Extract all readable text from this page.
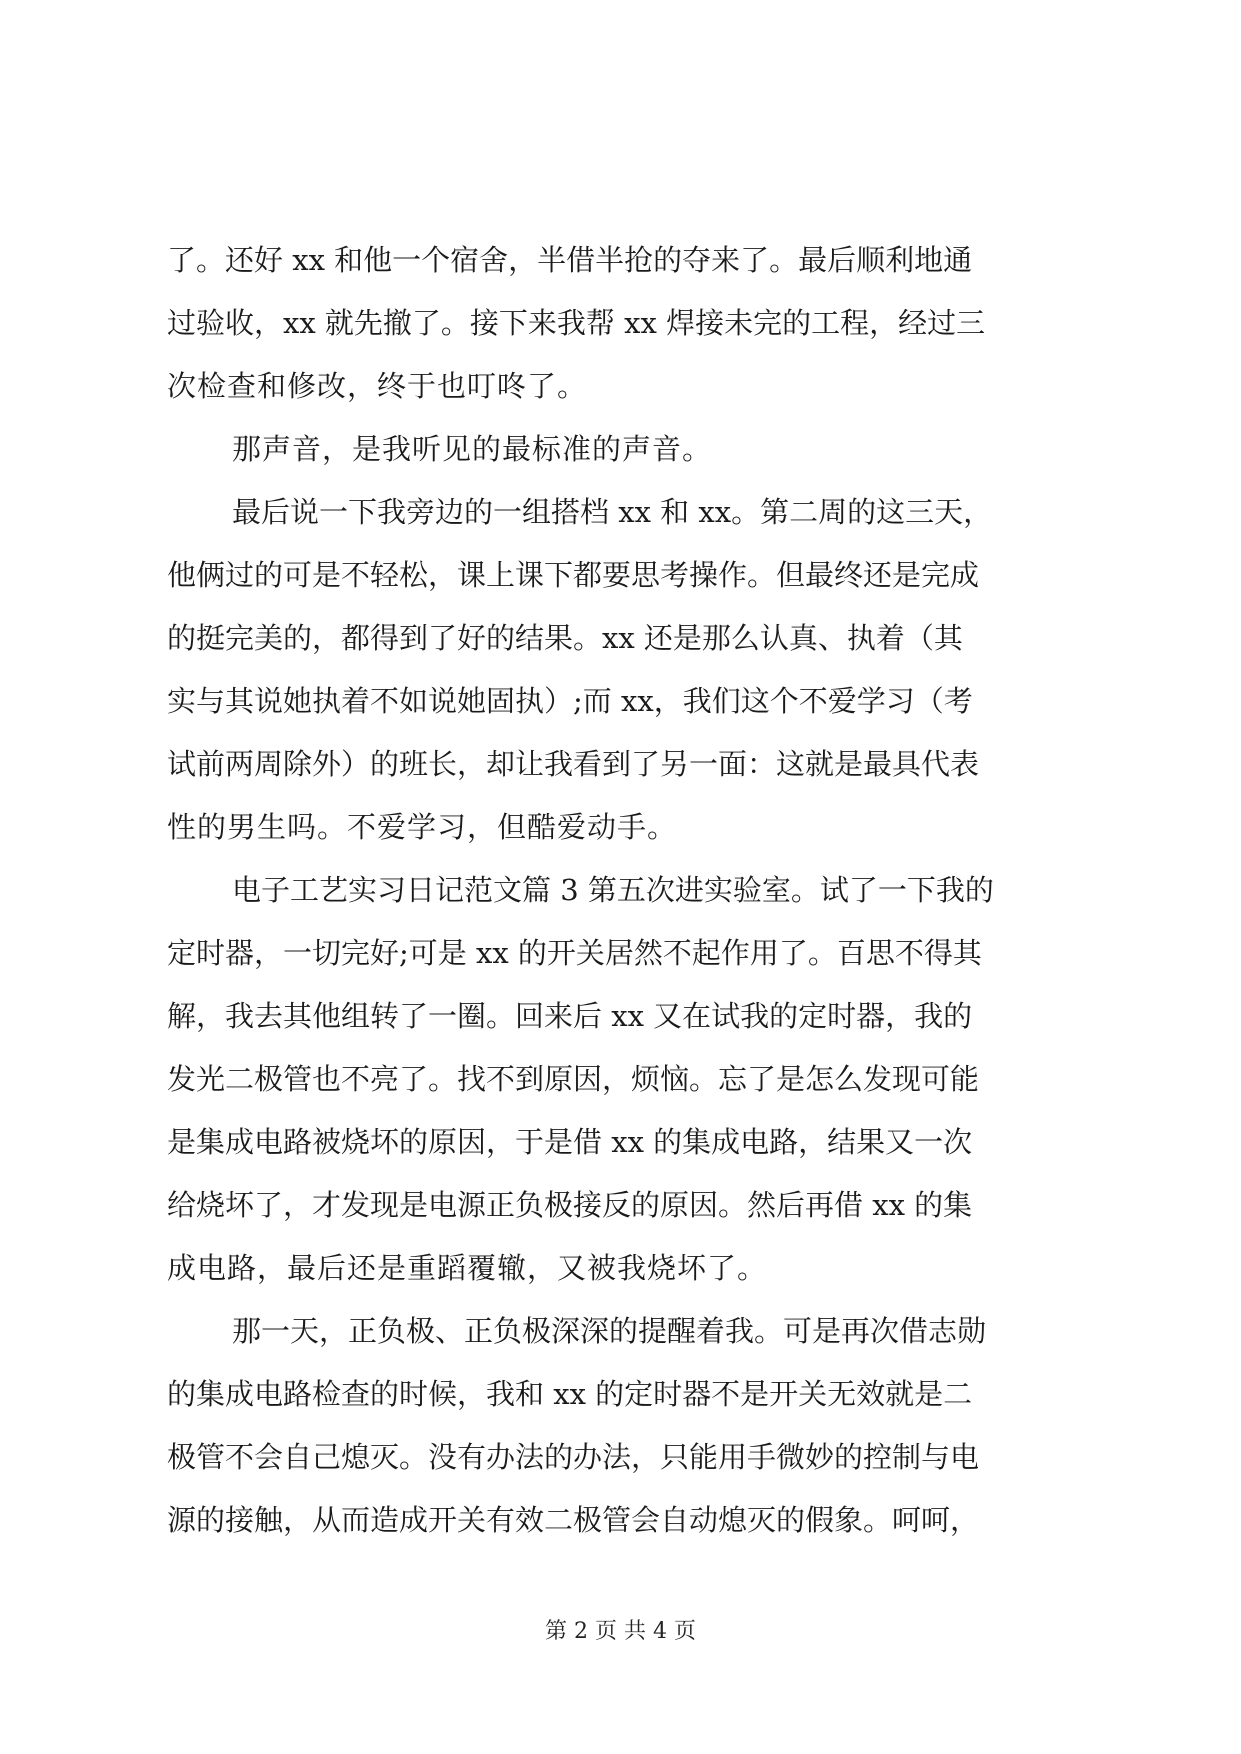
了。还好 xx 和他一个宿舍，半借半抢的夺来了。最后顺利地通
过验收，xx 就先撤了。接下来我帮 xx 焊接未完的工程，经过三
次检查和修改，终于也叮咚了。
那声音，是我听见的最标准的声音。
最后说一下我旁边的一组搭档 xx 和 xx。第二周的这三天，
他俩过的可是不轻松，课上课下都要思考操作。但最终还是完成
的挺完美的，都得到了好的结果。xx 还是那么认真、执着（其
实与其说她执着不如说她固执）;而 xx，我们这个不爱学习（考
试前两周除外）的班长，却让我看到了另一面：这就是最具代表
性的男生吗。不爱学习，但酷爱动手。
电子工艺实习日记范文篇 3 第五次进实验室。试了一下我的
定时器，一切完好;可是 xx 的开关居然不起作用了。百思不得其
解，我去其他组转了一圈。回来后 xx 又在试我的定时器，我的
发光二极管也不亮了。找不到原因，烦恼。忘了是怎么发现可能
是集成电路被烧坏的原因，于是借 xx 的集成电路，结果又一次
给烧坏了，才发现是电源正负极接反的原因。然后再借 xx 的集
成电路，最后还是重蹈覆辙，又被我烧坏了。
那一天，正负极、正负极深深的提醒着我。可是再次借志勋
的集成电路检查的时候，我和 xx 的定时器不是开关无效就是二
极管不会自己熄灭。没有办法的办法，只能用手微妙的控制与电
源的接触，从而造成开关有效二极管会自动熄灭的假象。呵呵，
第 2 页 共 4 页
